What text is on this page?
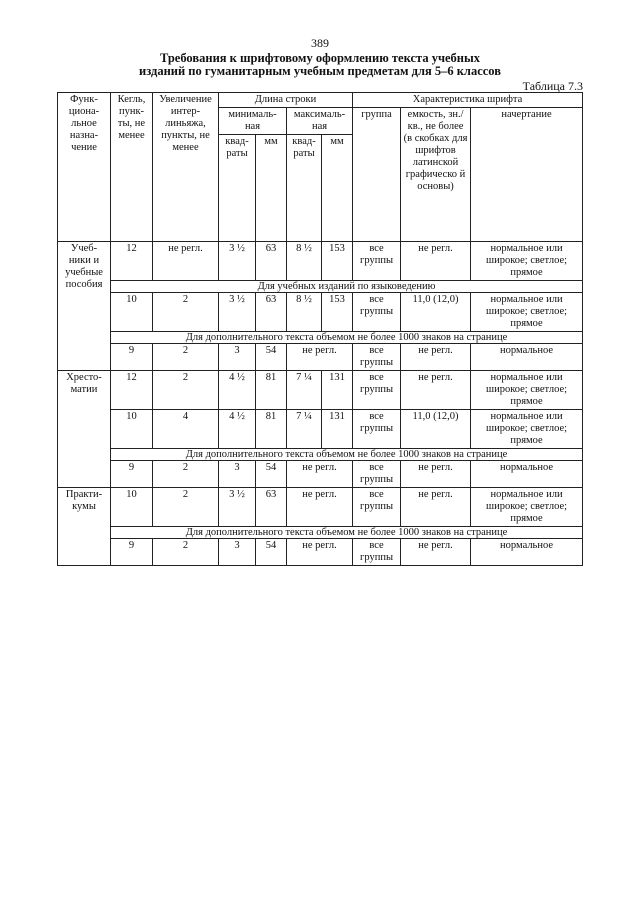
389
Требования к шрифтовому оформлению текста учебных
изданий по гуманитарным учебным предметам для 5–6 классов
Таблица 7.3
Функ-циона-льное назна-чение	Кегль, пунк-ты, не менее	Увеличение интер-линьяжа, пункты, не менее	Длина строки				Характеристика шрифта		
			минималь-ная		максималь-ная		группа	емкость, зн./кв., не более (в скобках для шрифтов латинской графическо й основы)	начертание
			квад-раты	мм	квад-раты	мм			
Учеб-ники и учебные пособия	12	не регл.	3 ½	63	8 ½	153	все группы	не регл.	нормальное или широкое; светлое; прямое
	Для учебных изданий по языковедению								
	10	2	3 ½	63	8 ½	153	все группы	11,0 (12,0)	нормальное или широкое; светлое; прямое
	Для дополнительного текста объемом не более 1000 знаков на странице								
	9	2	3	54	не регл.		все группы	не регл.	нормальное
Хресто-матии	12	2	4 ½	81	7 ¼	131	все группы	не регл.	нормальное или широкое; светлое; прямое
	10	4	4 ½	81	7 ¼	131	все группы	11,0 (12,0)	нормальное или широкое; светлое; прямое
	Для дополнительного текста объемом не более 1000 знаков на странице								
	9	2	3	54	не регл.		все группы	не регл.	нормальное
Практи-кумы	10	2	3 ½	63	не регл.		все группы	не регл.	нормальное или широкое; светлое; прямое
	Для дополнительного текста объемом не более 1000 знаков на странице								
	9	2	3	54	не регл.		все группы	не регл.	нормальное
